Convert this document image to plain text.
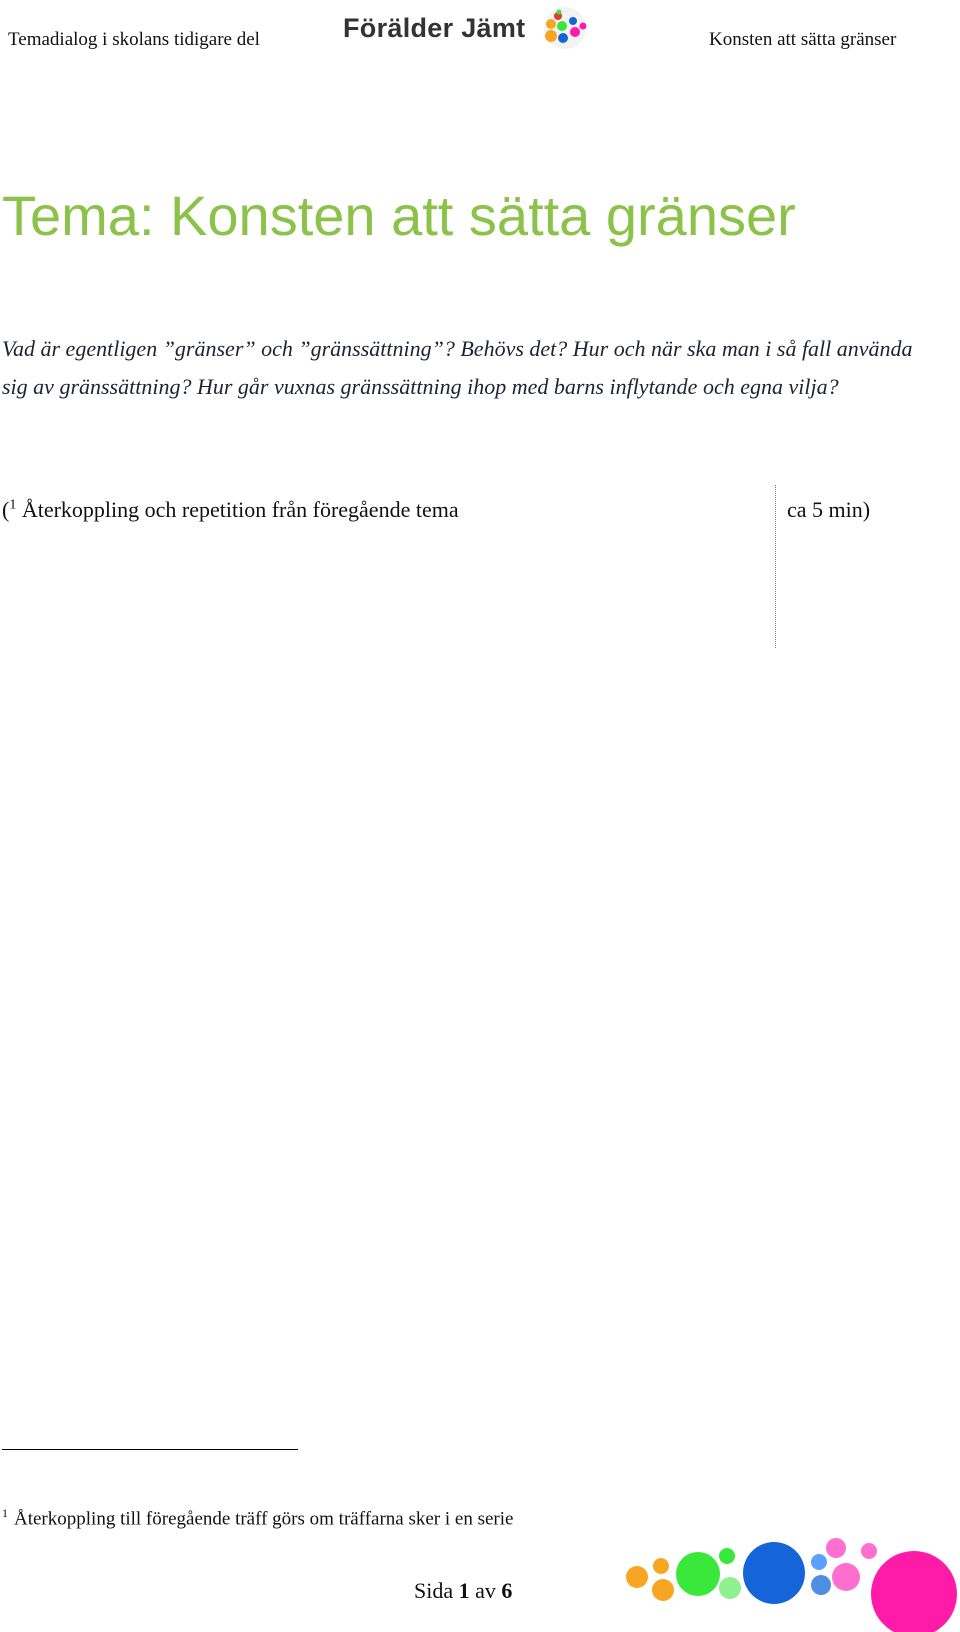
Temadialog i skolans tidigare del	Förälder Jämt	Konsten att sätta gränser
Tema: Konsten att sätta gränser

Vad är egentligen ”gränser” och ”gränssättning”? Behövs det? Hur och när ska man i så fall använda sig av gränssättning? Hur går vuxnas gränssättning ihop med barns inflytande och egna vilja?

($^1$ Återkoppling och repetition från föregående tema	ca 5 min)
$^1$ Återkoppling till föregående träff görs om träffarna sker i en serie
Sida 1 av 6
